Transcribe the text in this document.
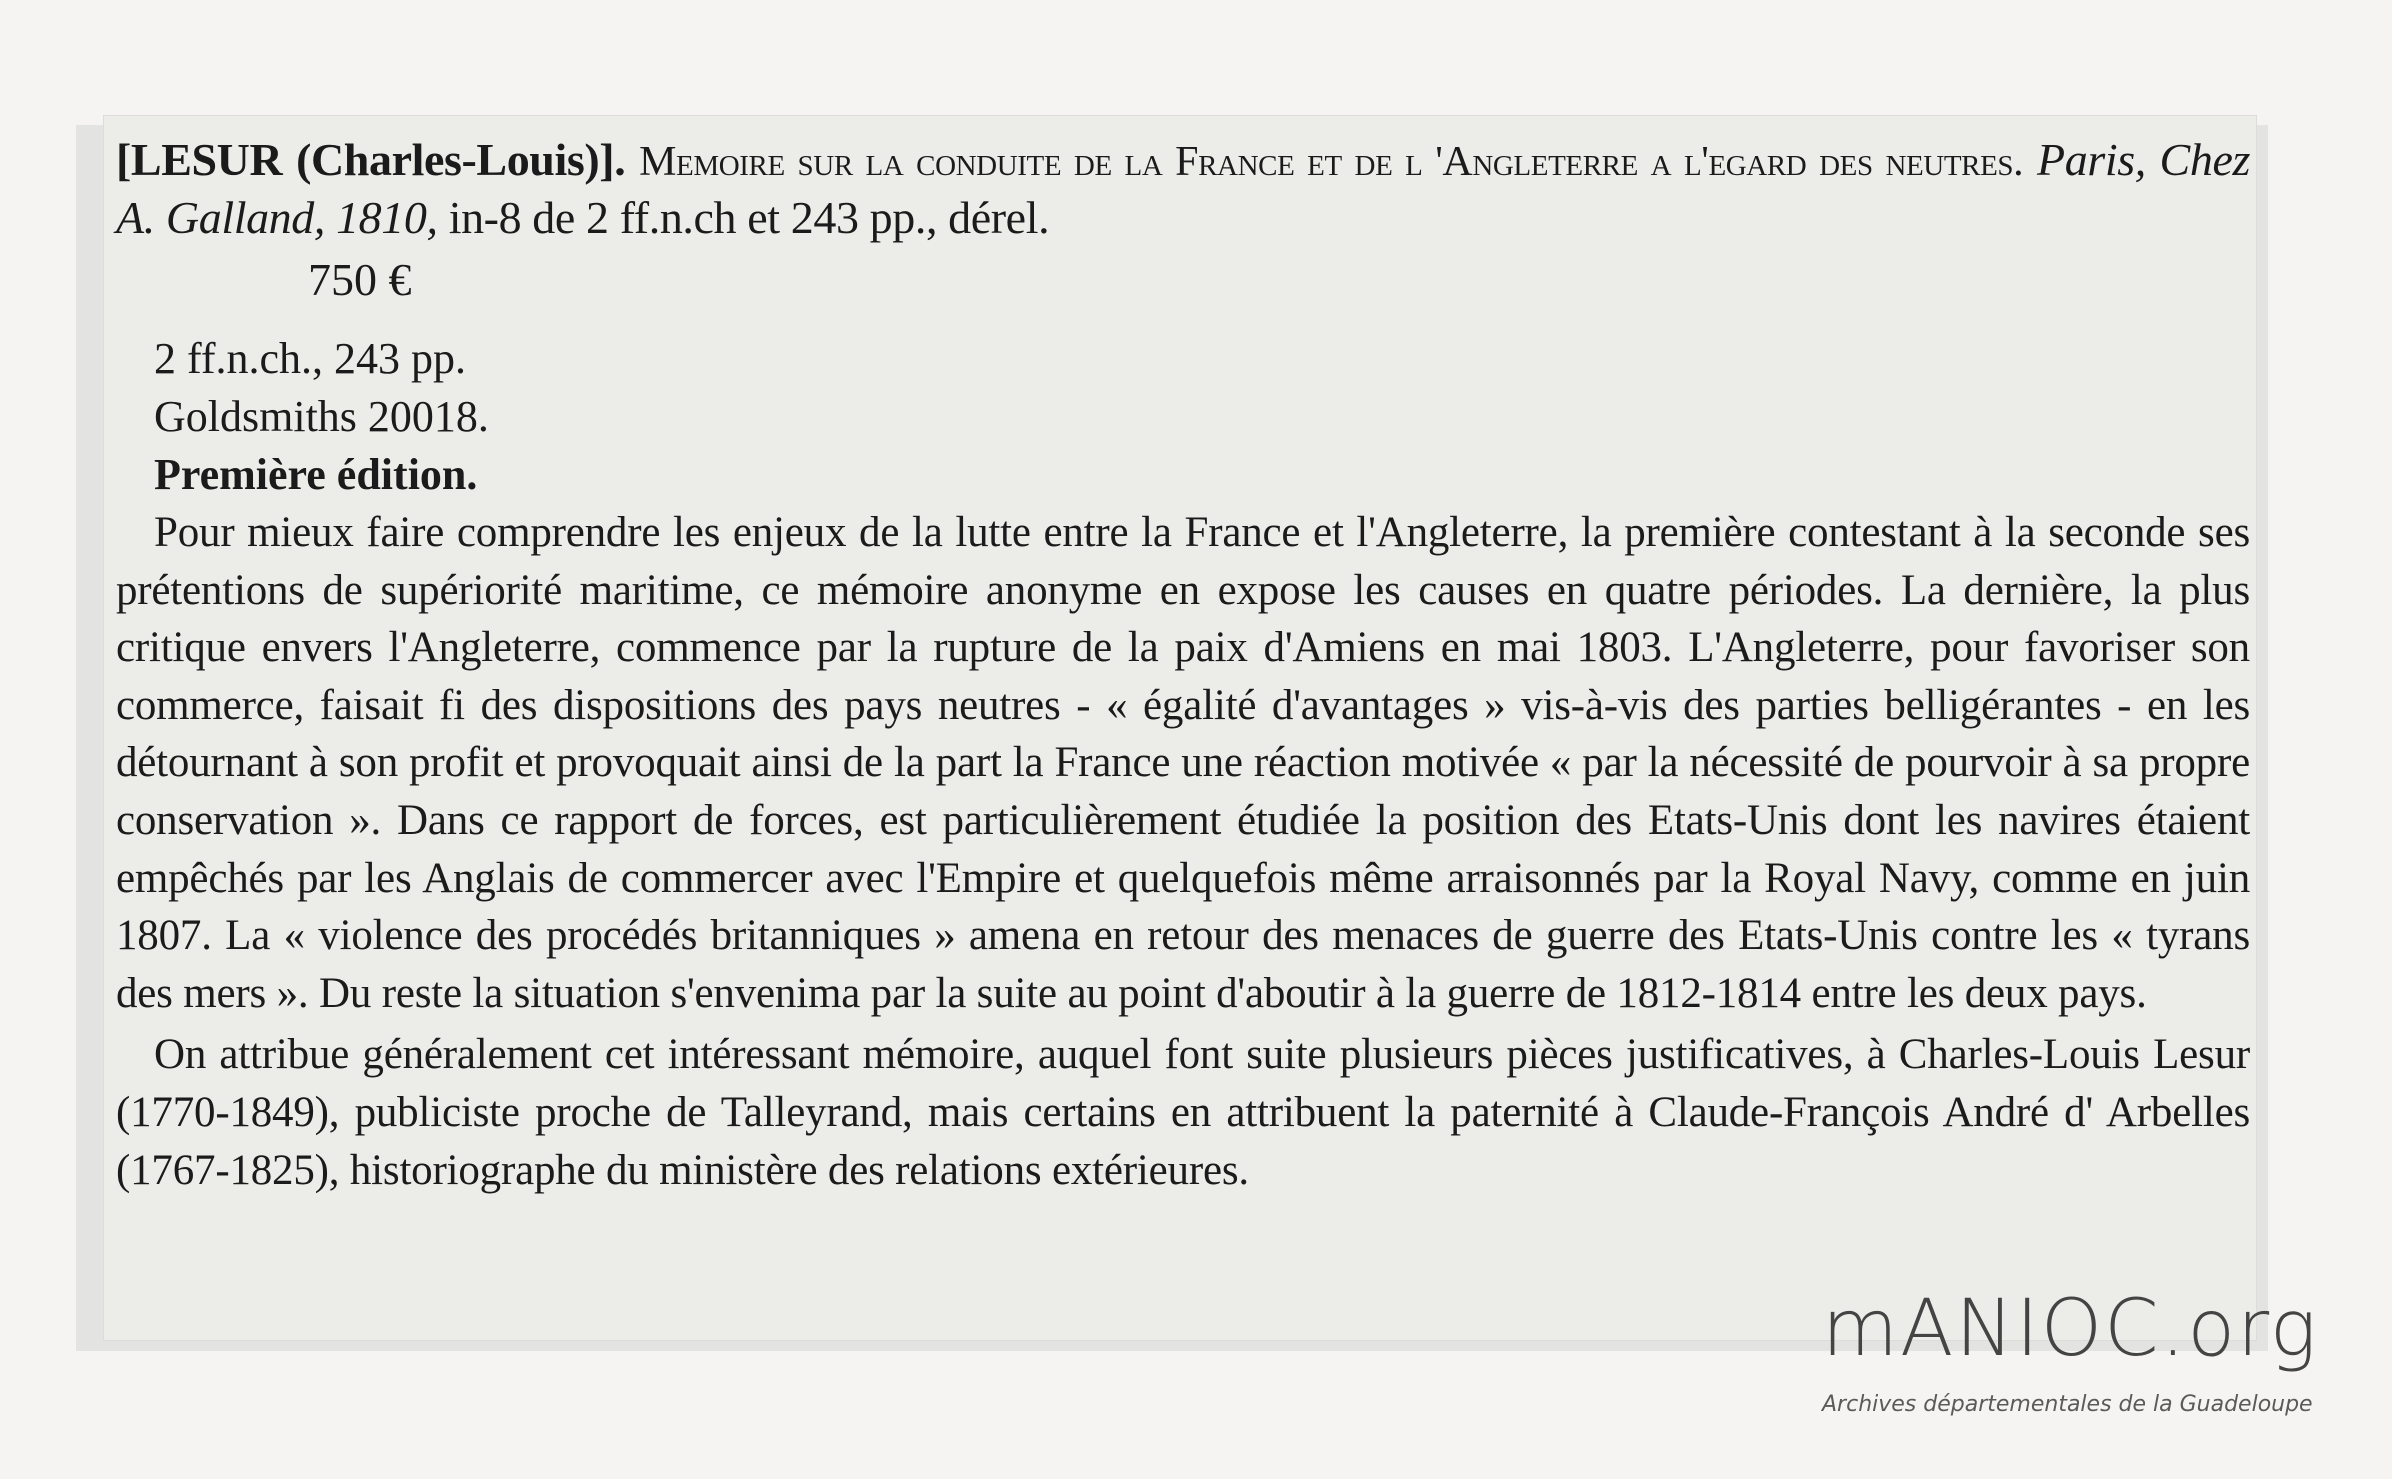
[LESUR (Charles-Louis)]. Memoire sur la conduite de la France et de l 'Angleterre a l'egard des neutres. Paris, Chez A. Galland, 1810, in-8 de 2 ff.n.ch et 243 pp., dérel.
750 €
2 ff.n.ch., 243 pp.
Goldsmiths 20018.
Première édition.

Pour mieux faire comprendre les enjeux de la lutte entre la France et l'Angleterre, la première contestant à la seconde ses prétentions de supériorité maritime, ce mémoire anonyme en expose les causes en quatre périodes. La dernière, la plus critique envers l'Angleterre, commence par la rupture de la paix d'Amiens en mai 1803. L'Angleterre, pour favoriser son commerce, faisait fi des dispositions des pays neutres - « égalité d'avantages » vis-à-vis des parties belligérantes - en les détournant à son profit et provoquait ainsi de la part la France une réaction motivée « par la nécessité de pourvoir à sa propre conservation ». Dans ce rapport de forces, est particulièrement étudiée la position des Etats-Unis dont les navires étaient empêchés par les Anglais de commercer avec l'Empire et quelquefois même arraisonnés par la Royal Navy, comme en juin 1807. La « violence des procédés britanniques » amena en retour des menaces de guerre des Etats-Unis contre les « tyrans des mers ». Du reste la situation s'envenima par la suite au point d'aboutir à la guerre de 1812-1814 entre les deux pays.

On attribue généralement cet intéressant mémoire, auquel font suite plusieurs pièces justificatives, à Charles-Louis Lesur (1770-1849), publiciste proche de Talleyrand, mais certains en attribuent la paternité à Claude-François André d' Arbelles (1767-1825), historiographe du ministère des relations extérieures.

mANIOC.org
Archives départementales de la Guadeloupe
